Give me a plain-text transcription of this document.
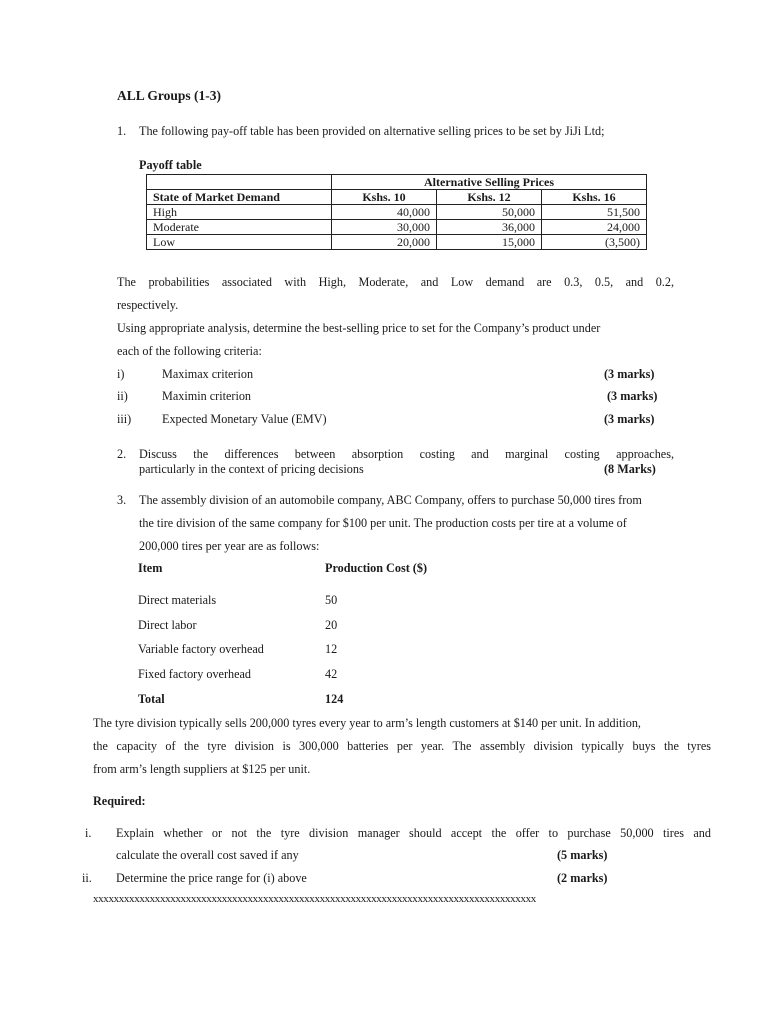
ALL Groups (1-3)
1. The following pay-off table has been provided on alternative selling prices to be set by JiJi Ltd;
Payoff table
	Alternative Selling Prices		
State of Market Demand	Kshs. 10	Kshs. 12	Kshs. 16
High	40,000	50,000	51,500
Moderate	30,000	36,000	24,000
Low	20,000	15,000	(3,500)
The probabilities associated with High, Moderate, and Low demand are 0.3, 0.5, and 0.2,
respectively.
Using appropriate analysis, determine the best-selling price to set for the Company’s product under
each of the following criteria:
i)	Maximax criterion	(3 marks)
ii)	Maximin criterion	(3 marks)
iii)	Expected Monetary Value (EMV)	(3 marks)
2. Discuss the differences between absorption costing and marginal costing approaches,
particularly in the context of pricing decisions	(8 Marks)
3. The assembly division of an automobile company, ABC Company, offers to purchase 50,000 tires from
the tire division of the same company for $100 per unit. The production costs per tire at a volume of
200,000 tires per year are as follows:
Item	Production Cost ($)
Direct materials	50
Direct labor	20
Variable factory overhead	12
Fixed factory overhead	42
Total	124
The tyre division typically sells 200,000 tyres every year to arm’s length customers at $140 per unit. In addition,
the capacity of the tyre division is 300,000 batteries per year. The assembly division typically buys the tyres
from arm’s length suppliers at $125 per unit.
Required:
i. Explain whether or not the tyre division manager should accept the offer to purchase 50,000 tires and
calculate the overall cost saved if any	(5 marks)
ii. Determine the price range for (i) above	(2 marks)
xxxxxxxxxxxxxxxxxxxxxxxxxxxxxxxxxxxxxxxxxxxxxxxxxxxxxxxxxxxxxxxxxxxxxxxxxxxxxxxxxxxxxx
